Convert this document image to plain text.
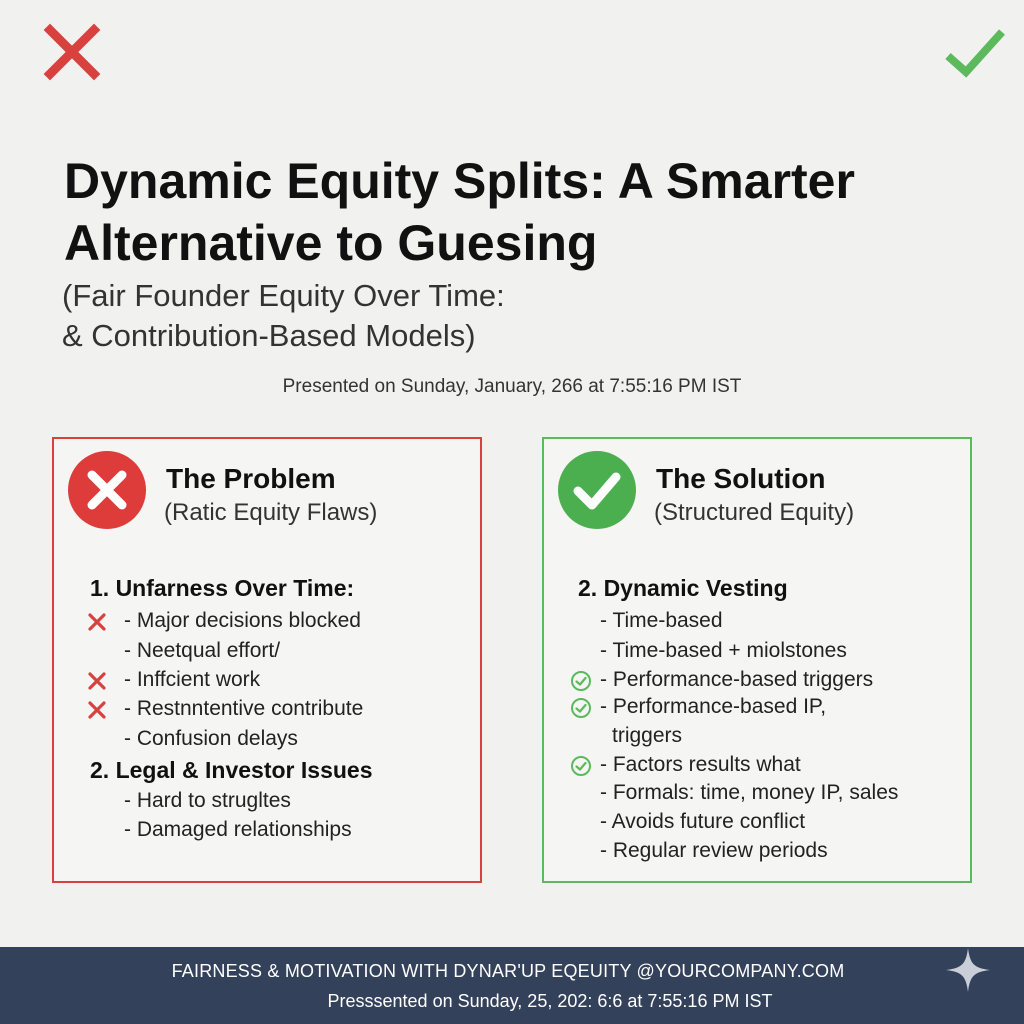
Dynamic Equity Splits: A Smarter Alternative to Guesing
(Fair Founder Equity Over Time:
& Contribution-Based Models)
Presented on Sunday, January, 266 at 7:55:16 PM IST
The Problem
(Ratic Equity Flaws)
1. Unfarness Over Time:
- Major decisions blocked
- Neetqual effort/
- Inffcient work
- Restnntentive contribute
- Confusion delays
2. Legal & Investor Issues
- Hard to strugltes
- Damaged relationships
The Solution
(Structured Equity)
2. Dynamic Vesting
- Time-based
- Time-based + miolstones
- Performance-based triggers
- Performance-based IP,
triggers
- Factors results what
- Formals: time, money IP, sales
- Avoids future conflict
- Regular review periods
FAIRNESS & MOTIVATION WITH DYNAR'UP EQEUITY @YOURCOMPANY.COM
Presssented on Sunday, 25, 202: 6:6 at 7:55:16 PM IST
